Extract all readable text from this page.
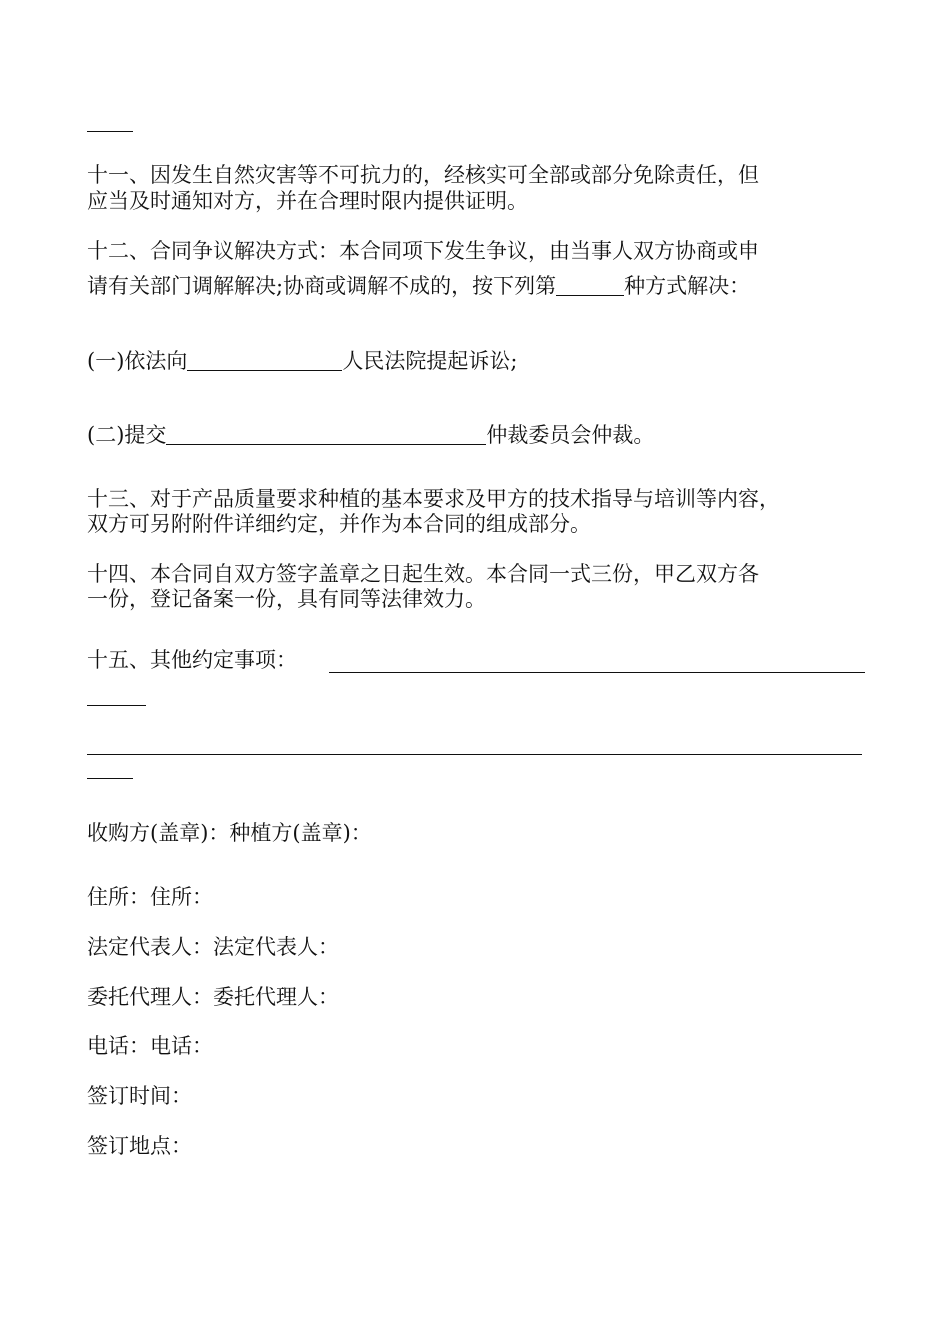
十一、因发生自然灾害等不可抗力的，经核实可全部或部分免除责任，但
应当及时通知对方，并在合理时限内提供证明。
十二、合同争议解决方式：本合同项下发生争议，由当事人双方协商或申
请有关部门调解解决;协商或调解不成的，按下列第	种方式解决：
(一)依法向	人民法院提起诉讼;
(二)提交	仲裁委员会仲裁。
十三、对于产品质量要求种植的基本要求及甲方的技术指导与培训等内容，
双方可另附附件详细约定，并作为本合同的组成部分。
十四、本合同自双方签字盖章之日起生效。本合同一式三份，甲乙双方各
一份，登记备案一份，具有同等法律效力。
十五、其他约定事项：
收购方(盖章)：种植方(盖章)：
住所：住所：
法定代表人：法定代表人：
委托代理人：委托代理人：
电话：电话：
签订时间：
签订地点：
